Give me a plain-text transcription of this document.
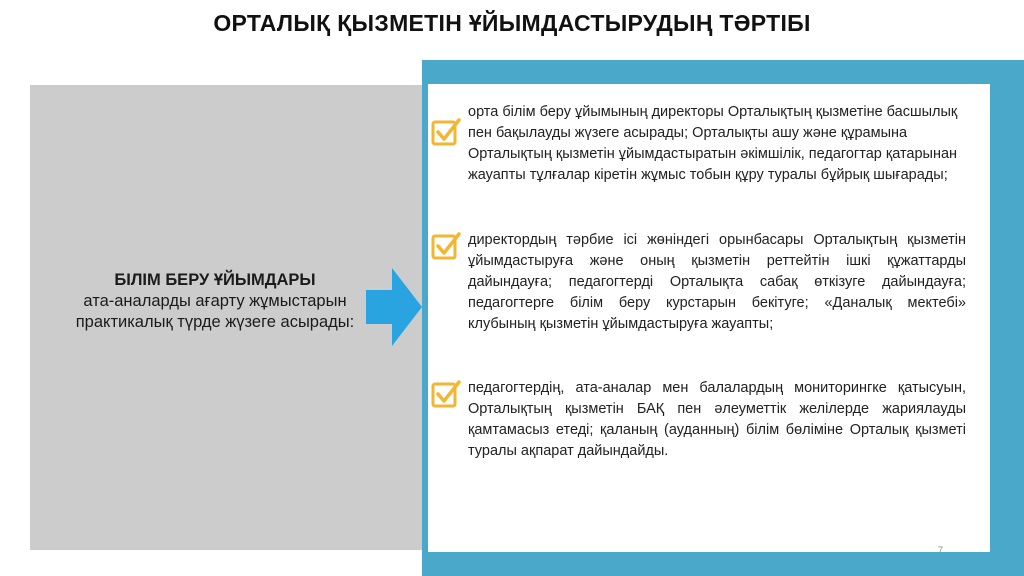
ОРТАЛЫҚ ҚЫЗМЕТІН ҰЙЫМДАСТЫРУДЫҢ ТӘРТІБІ
БІЛІМ БЕРУ ҰЙЫМДАРЫ
ата-аналарды ағарту жұмыстарын практикалық түрде жүзеге асырады:
орта білім беру ұйымының директоры Орталықтың қызметіне басшылық пен бақылауды жүзеге асырады; Орталықты ашу және құрамына Орталықтың қызметін ұйымдастыратын әкімшілік, педагогтар қатарынан жауапты тұлғалар кіретін жұмыс тобын құру туралы бұйрық шығарады;
директордың тәрбие ісі жөніндегі орынбасары Орталықтың қызметін ұйымдастыруға және оның қызметін реттейтін ішкі құжаттарды дайындауға; педагогтерді Орталықта сабақ өткізуге дайындауға; педагогтерге білім беру курстарын бекітуге; «Даналық мектебі» клубының қызметін ұйымдастыруға жауапты;
педагогтердің, ата-аналар мен балалардың мониторингке қатысуын, Орталықтың қызметін БАҚ пен әлеуметтік желілерде жариялауды қамтамасыз етеді; қаланың (ауданның) білім бөліміне Орталық қызметі туралы ақпарат дайындайды.
7
